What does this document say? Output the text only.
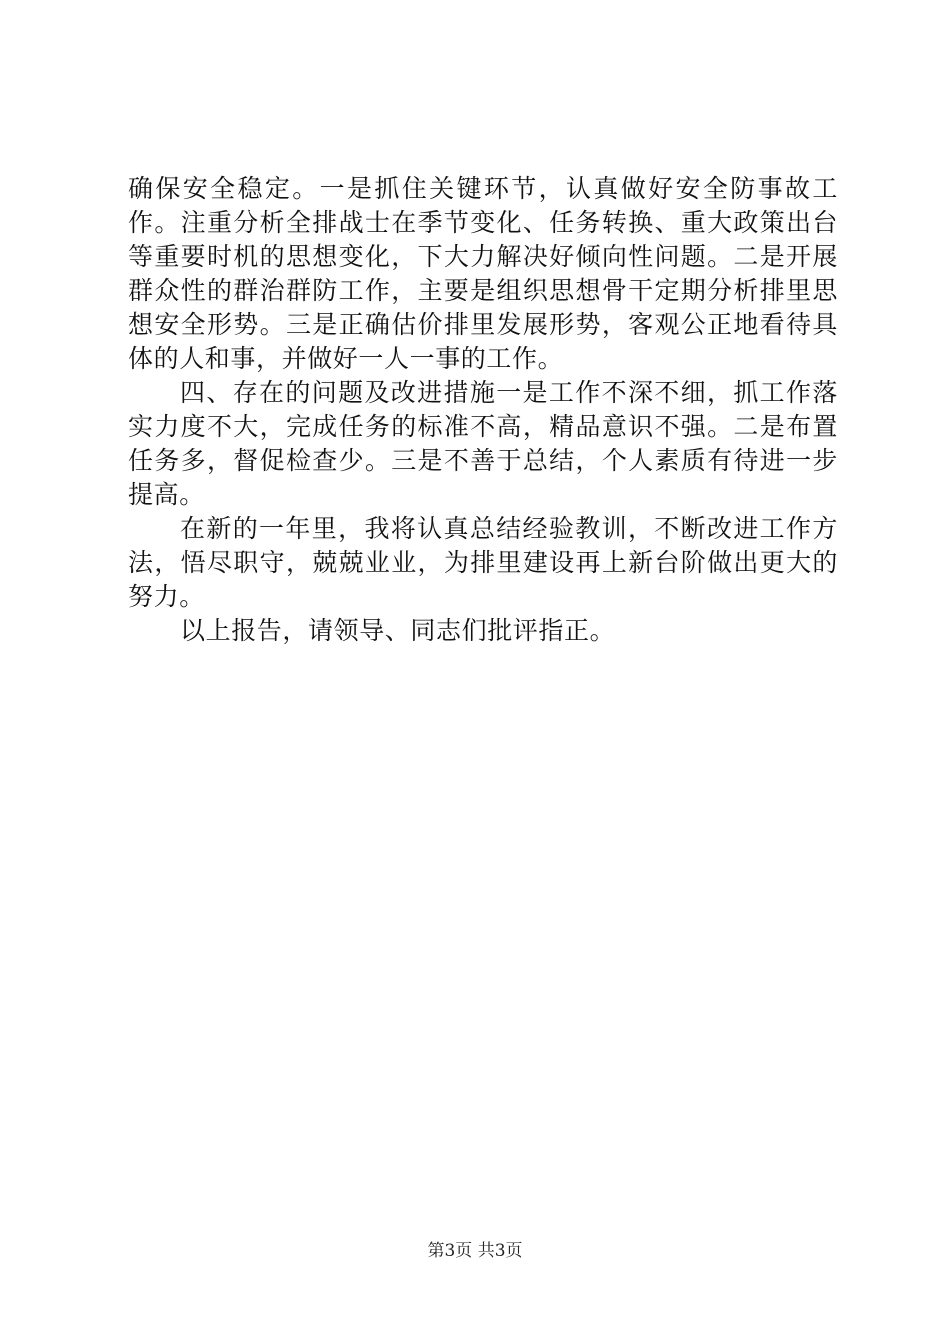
确保安全稳定。一是抓住关键环节，认真做好安全防事故工作。注重分析全排战士在季节变化、任务转换、重大政策出台等重要时机的思想变化，下大力解决好倾向性问题。二是开展群众性的群治群防工作，主要是组织思想骨干定期分析排里思想安全形势。三是正确估价排里发展形势，客观公正地看待具体的人和事，并做好一人一事的工作。

四、存在的问题及改进措施一是工作不深不细，抓工作落实力度不大，完成任务的标准不高，精品意识不强。二是布置任务多，督促检查少。三是不善于总结，个人素质有待进一步提高。

在新的一年里，我将认真总结经验教训，不断改进工作方法，悟尽职守，兢兢业业，为排里建设再上新台阶做出更大的努力。

以上报告，请领导、同志们批评指正。

第3页 共3页
